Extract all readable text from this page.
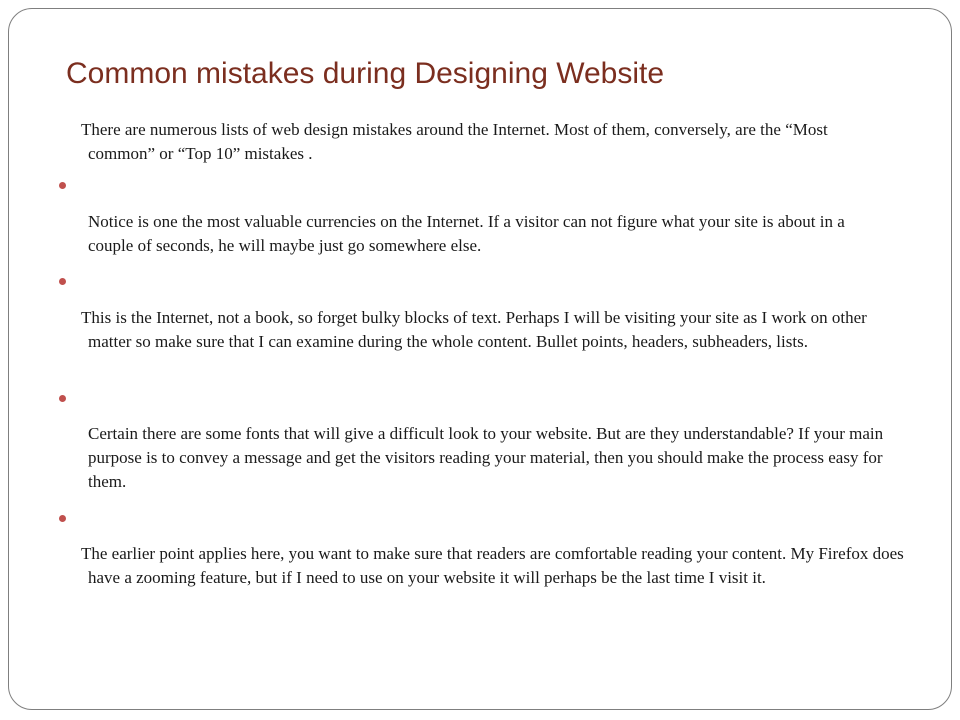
Common mistakes during Designing Website

There are numerous lists of web design mistakes around the Internet. Most of them, conversely, are the “Most common” or “Top 10” mistakes .

Notice is one the most valuable currencies on the Internet. If a visitor can not figure what your site is about in a couple of seconds, he will maybe just go somewhere else.

This is the Internet, not a book, so forget bulky blocks of text. Perhaps I will be visiting your site as I work on other matter so make sure that I can examine during the whole content. Bullet points, headers, subheaders, lists.

Certain there are some fonts that will give a difficult look to your website. But are they understandable? If your main purpose is to convey a message and get the visitors reading your material, then you should make the process easy for them.

The earlier point applies here, you want to make sure that readers are comfortable reading your content. My Firefox does have a zooming feature, but if I need to use on your website it will perhaps be the last time I visit it.
